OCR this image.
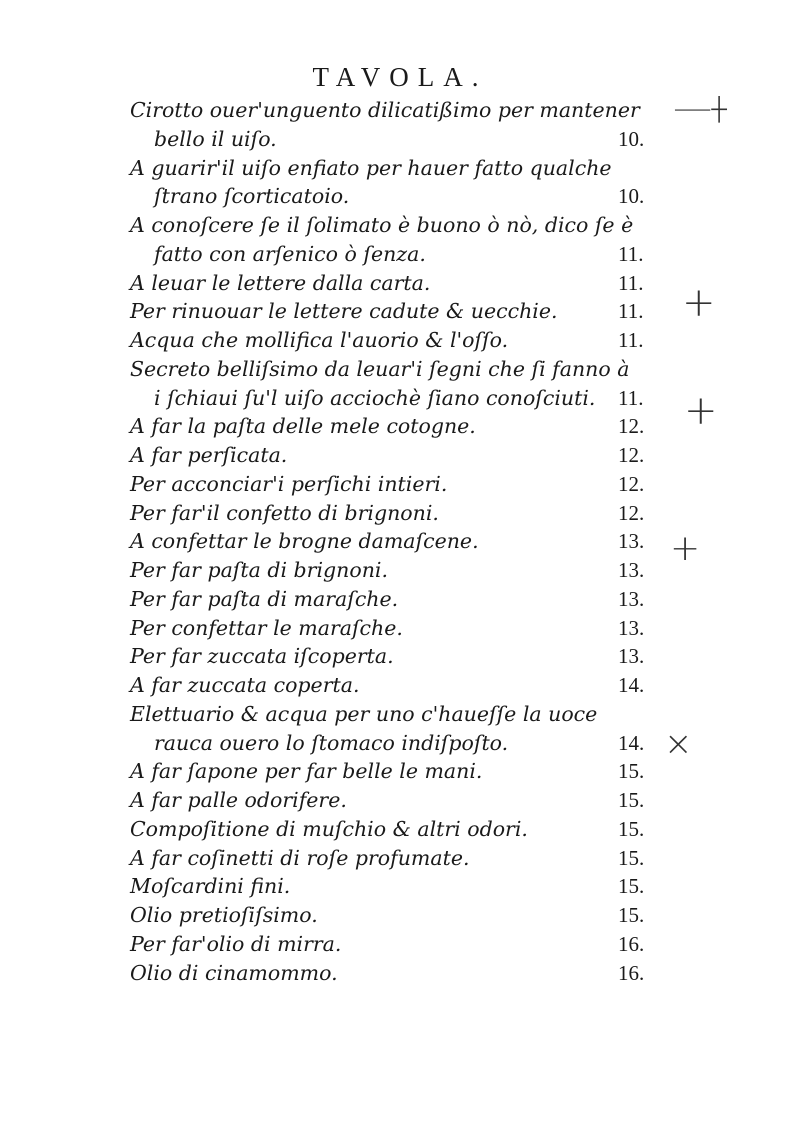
TAVOLA.
Cirotto ouer'unguento dilicatißimo per mantener
bello il uiſo.	10.
A guarir'il uiſo enfiato per hauer fatto qualche
ſtrano ſcorticatoio.	10.
A conoſcere ſe il ſolimato è buono ò nò, dico ſe è
fatto con arſenico ò ſenza.	11.
A leuar le lettere dalla carta.	11.
Per rinuouar le lettere cadute & uecchie.	11.
Acqua che mollifica l'auorio & l'oſſo.	11.
Secreto belliſsimo da leuar'i ſegni che ſi fanno à
i ſchiaui ſu'l uiſo acciochè ſiano conoſciuti. 11.
A far la paſta delle mele cotogne.	12.
A far perſicata.	12.
Per acconciar'i perſichi intieri.	12.
Per far'il confetto di brignoni.	12.
A confettar le brogne damaſcene.	13.
Per far paſta di brignoni.	13.
Per far paſta di maraſche.	13.
Per confettar le maraſche.	13.
Per far zuccata iſcoperta.	13.
A far zuccata coperta.	14.
Elettuario & acqua per uno c'haueſſe la uoce
rauca ouero lo ſtomaco indiſpoſto.	14.
A far ſapone per far belle le mani.	15.
A far palle odorifere.	15.
Compoſitione di muſchio & altri odori.	15.
A far coſinetti di roſe profumate.	15.
Moſcardini fini.	15.
Olio pretioſiſsimo.	15.
Per far'olio di mirra.	16.
Olio di cinamommo.	16.
⸺┼
+
+
+
×
